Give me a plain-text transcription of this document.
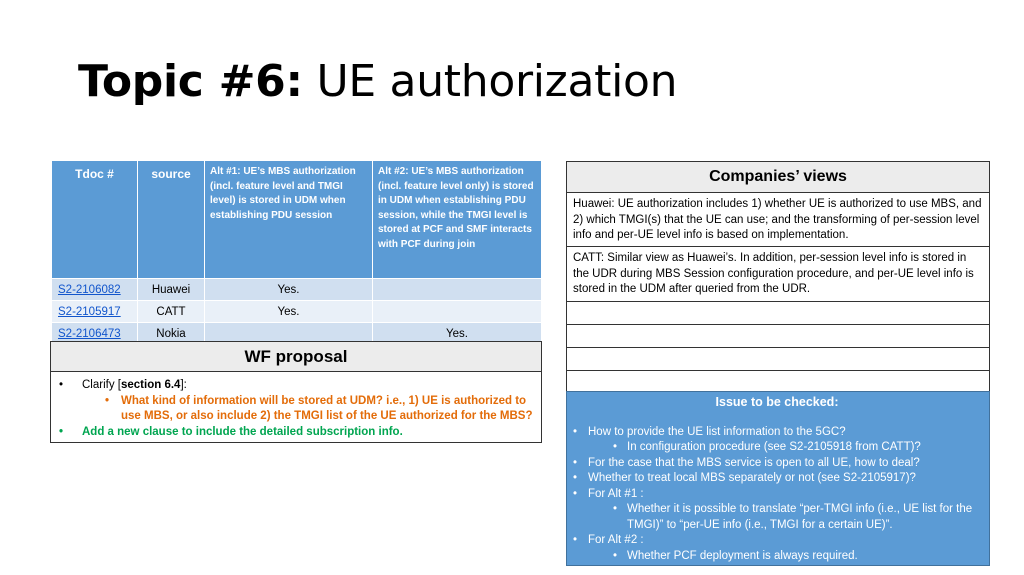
Topic #6: UE authorization
Tdoc #	source	Alt #1: UE’s MBS authorization (incl. feature level and TMGI level) is stored in UDM when establishing PDU session	Alt #2: UE’s MBS authorization (incl. feature level only) is stored in UDM when establishing PDU session, while the TMGI level is stored at PCF and SMF interacts with PCF during join
S2-2106082	Huawei	Yes.	
S2-2105917	CATT	Yes.	
S2-2106473	Nokia		Yes.
WF proposal
• Clarify [section 6.4]:
• What kind of information will be stored at UDM? i.e., 1) UE is authorized to use MBS, or also include 2) the TMGI list of the UE authorized for the MBS?
• Add a new clause to include the detailed subscription info.
Companies’ views
Huawei: UE authorization includes 1) whether UE is authorized to use MBS, and 2) which TMGI(s) that the UE can use; and the transforming of per-session level info and per-UE level info is based on implementation.
CATT: Similar view as Huawei’s. In addition, per-session level info is stored in the UDR during MBS Session configuration procedure, and per-UE level info is stored in the UDM after queried from the UDR.
Issue to be checked:
• How to provide the UE list information to the 5GC?
• In configuration procedure (see S2-2105918 from CATT)?
• For the case that the MBS service is open to all UE, how to deal?
• Whether to treat local MBS separately or not (see S2-2105917)?
• For Alt #1 :
• Whether it is possible to translate “per-TMGI info (i.e., UE list for the TMGI)” to “per-UE info (i.e., TMGI for a certain UE)”.
• For Alt #2 :
• Whether PCF deployment is always required.
